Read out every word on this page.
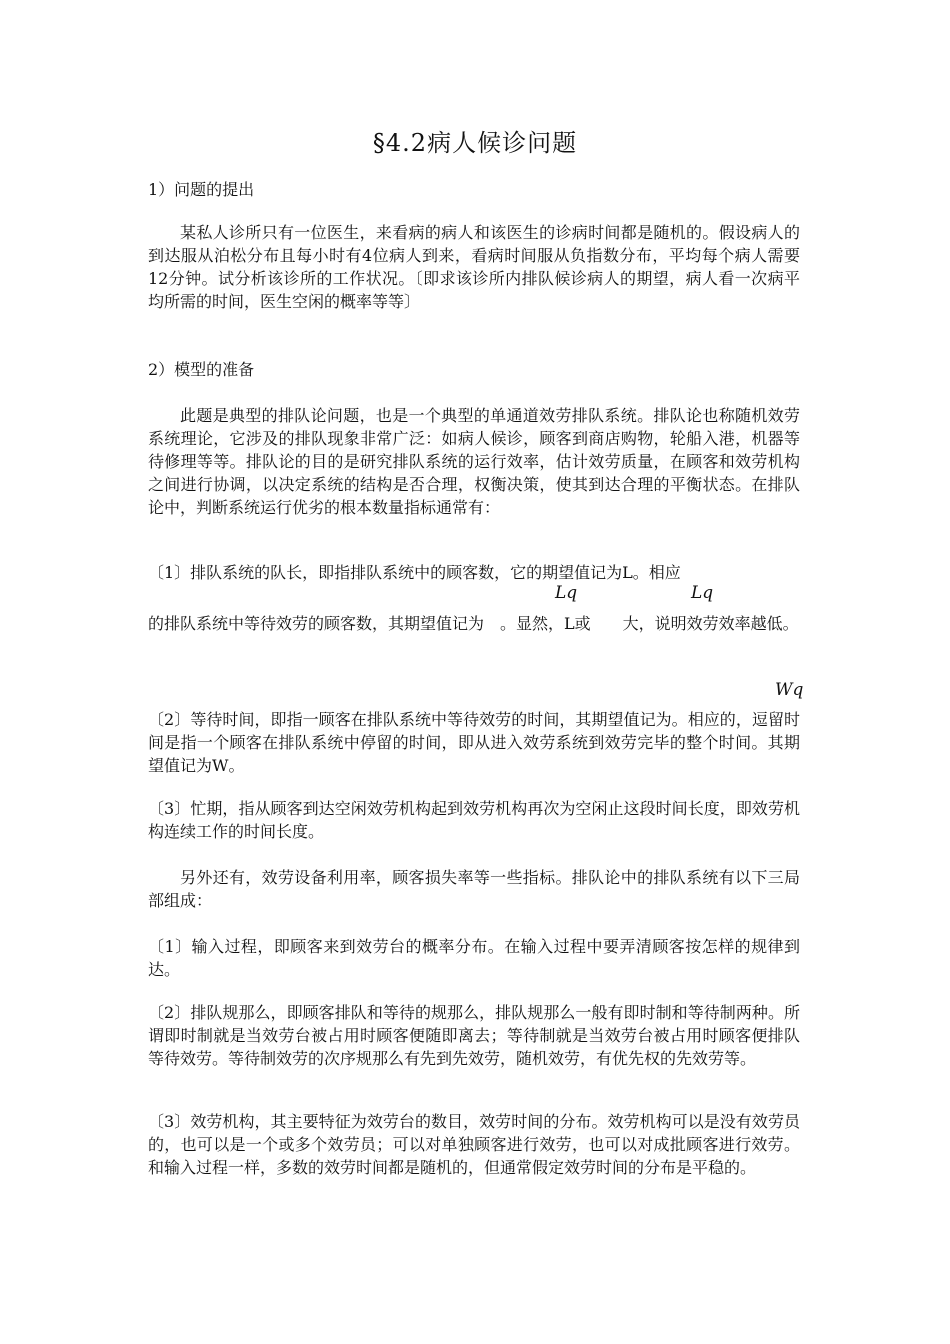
§4.2病人候诊问题
1）问题的提出
某私人诊所只有一位医生，来看病的病人和该医生的诊病时间都是随机的。假设病人的到达服从泊松分布且每小时有4位病人到来，看病时间服从负指数分布，平均每个病人需要12分钟。试分析该诊所的工作状况。〔即求该诊所内排队候诊病人的期望，病人看一次病平均所需的时间，医生空闲的概率等等〕
2）模型的准备
此题是典型的排队论问题，也是一个典型的单通道效劳排队系统。排队论也称随机效劳系统理论，它涉及的排队现象非常广泛：如病人候诊，顾客到商店购物，轮船入港，机器等待修理等等。排队论的目的是研究排队系统的运行效率，估计效劳质量，在顾客和效劳机构之间进行协调，以决定系统的结构是否合理，权衡决策，使其到达合理的平衡状态。在排队论中，判断系统运行优劣的根本数量指标通常有：
〔1〕排队系统的队长，即指排队系统中的顾客数，它的期望值记为L。相应
Lq	Lq
的排队系统中等待效劳的顾客数，其期望值记为　。显然，L或　　大，说明效劳效率越低。
Wq
〔2〕等待时间，即指一顾客在排队系统中等待效劳的时间，其期望值记为。相应的，逗留时间是指一个顾客在排队系统中停留的时间，即从进入效劳系统到效劳完毕的整个时间。其期望值记为W。
〔3〕忙期，指从顾客到达空闲效劳机构起到效劳机构再次为空闲止这段时间长度，即效劳机构连续工作的时间长度。
另外还有，效劳设备利用率，顾客损失率等一些指标。排队论中的排队系统有以下三局部组成：
〔1〕输入过程，即顾客来到效劳台的概率分布。在输入过程中要弄清顾客按怎样的规律到达。
〔2〕排队规那么，即顾客排队和等待的规那么，排队规那么一般有即时制和等待制两种。所谓即时制就是当效劳台被占用时顾客便随即离去；等待制就是当效劳台被占用时顾客便排队等待效劳。等待制效劳的次序规那么有先到先效劳，随机效劳，有优先权的先效劳等。
〔3〕效劳机构，其主要特征为效劳台的数目，效劳时间的分布。效劳机构可以是没有效劳员的，也可以是一个或多个效劳员；可以对单独顾客进行效劳，也可以对成批顾客进行效劳。和输入过程一样，多数的效劳时间都是随机的，但通常假定效劳时间的分布是平稳的。
